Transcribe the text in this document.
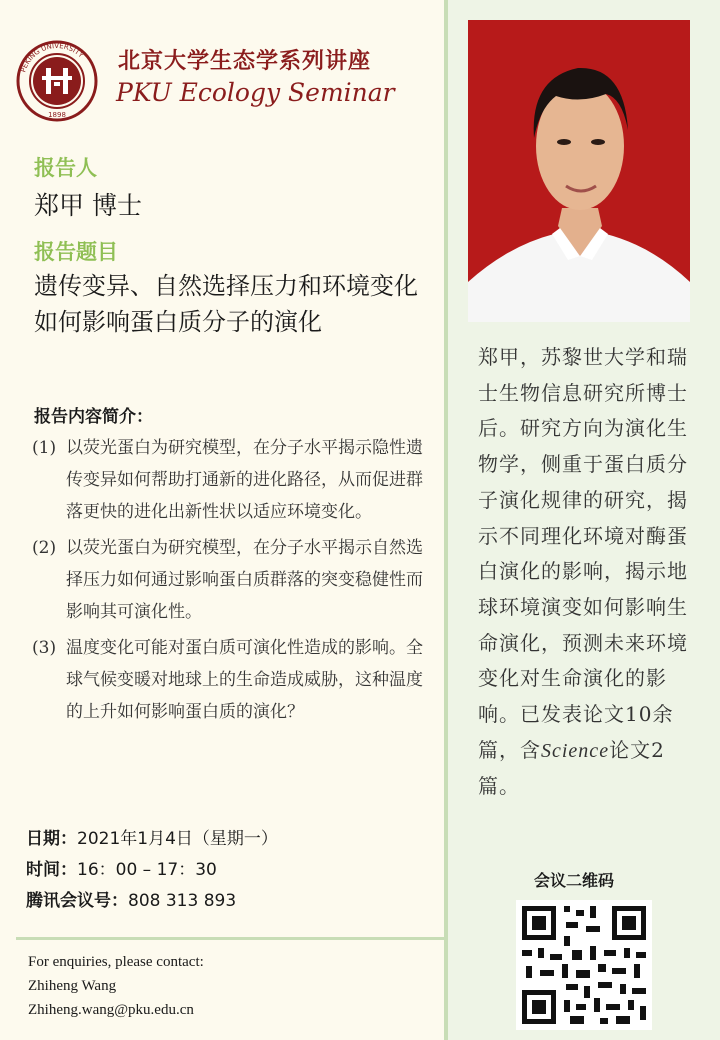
PEKING UNIVERSITY
1898
北京大学生态学系列讲座
PKU Ecology Seminar
报告人
郑甲 博士
报告题目
遗传变异、自然选择压力和环境变化如何影响蛋白质分子的演化
报告内容简介：
(1) 以荧光蛋白为研究模型，在分子水平揭示隐性遗传变异如何帮助打通新的进化路径，从而促进群落更快的进化出新性状以适应环境变化。
(2) 以荧光蛋白为研究模型，在分子水平揭示自然选择压力如何通过影响蛋白质群落的突变稳健性而影响其可演化性。
(3) 温度变化可能对蛋白质可演化性造成的影响。全球气候变暖对地球上的生命造成威胁，这种温度的上升如何影响蛋白质的演化？
日期：2021年1月4日（星期一）
时间：16：00 – 17：30
腾讯会议号：808 313 893
For enquiries, please contact:
Zhiheng Wang
Zhiheng.wang@pku.edu.cn
郑甲，苏黎世大学和瑞士生物信息研究所博士后。研究方向为演化生物学，侧重于蛋白质分子演化规律的研究，揭示不同理化环境对酶蛋白演化的影响，揭示地球环境演变如何影响生命演化，预测未来环境变化对生命演化的影响。已发表论文10余篇，含Science论文2篇。
会议二维码
